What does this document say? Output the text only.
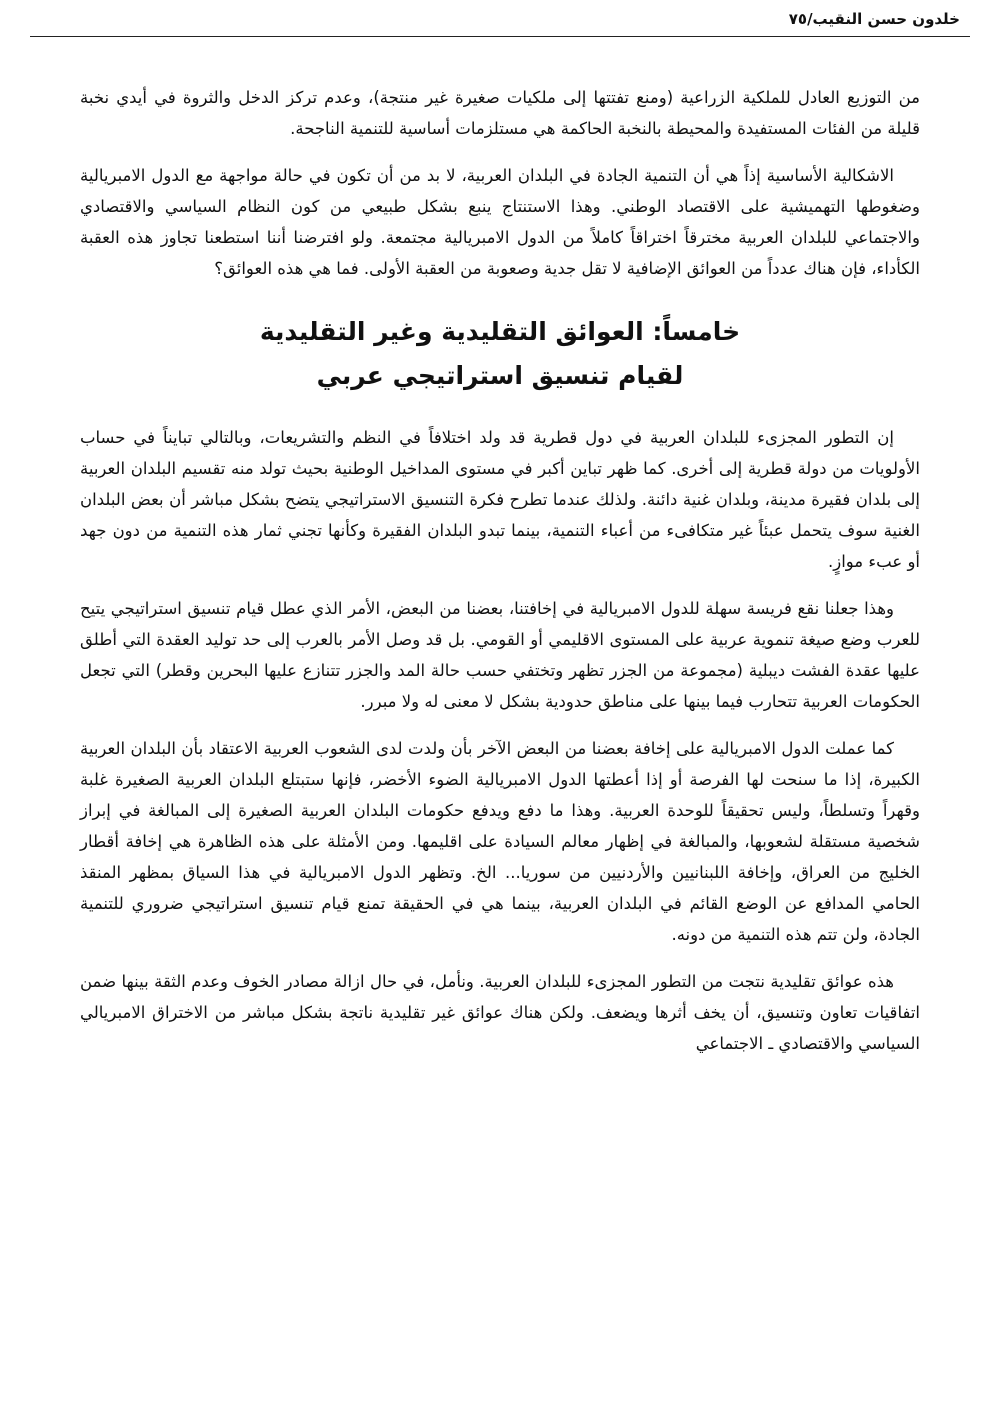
خلدون حسن النقيب/٧٥

من التوزيع العادل للملكية الزراعية (ومنع تفتتها إلى ملكيات صغيرة غير منتجة)، وعدم تركز الدخل والثروة في أيدي نخبة قليلة من الفئات المستفيدة والمحيطة بالنخبة الحاكمة هي مستلزمات أساسية للتنمية الناجحة.

الاشكالية الأساسية إذاً هي أن التنمية الجادة في البلدان العربية، لا بد من أن تكون في حالة مواجهة مع الدول الامبريالية وضغوطها التهميشية على الاقتصاد الوطني. وهذا الاستنتاج ينبع بشكل طبيعي من كون النظام السياسي والاقتصادي والاجتماعي للبلدان العربية مخترقاً اختراقاً كاملاً من الدول الامبريالية مجتمعة. ولو افترضنا أننا استطعنا تجاوز هذه العقبة الكأداء، فإن هناك عدداً من العوائق الإضافية لا تقل جدية وصعوبة من العقبة الأولى. فما هي هذه العوائق؟

خامساً: العوائق التقليدية وغير التقليدية
لقيام تنسيق استراتيجي عربي

إن التطور المجزىء للبلدان العربية في دول قطرية قد ولد اختلافاً في النظم والتشريعات، وبالتالي تبايناً في حساب الأولويات من دولة قطرية إلى أخرى. كما ظهر تباين أكبر في مستوى المداخيل الوطنية بحيث تولد منه تقسيم البلدان العربية إلى بلدان فقيرة مدينة، وبلدان غنية دائنة. ولذلك عندما تطرح فكرة التنسيق الاستراتيجي يتضح بشكل مباشر أن بعض البلدان الغنية سوف يتحمل عبئاً غير متكافىء من أعباء التنمية، بينما تبدو البلدان الفقيرة وكأنها تجني ثمار هذه التنمية من دون جهد أو عبء موازٍ.

وهذا جعلنا نقع فريسة سهلة للدول الامبريالية في إخافتنا، بعضنا من البعض، الأمر الذي عطل قيام تنسيق استراتيجي يتيح للعرب وضع صيغة تنموية عربية على المستوى الاقليمي أو القومي. بل قد وصل الأمر بالعرب إلى حد توليد العقدة التي أطلق عليها عقدة الفشت ديبلية (مجموعة من الجزر تظهر وتختفي حسب حالة المد والجزر تتنازع عليها البحرين وقطر) التي تجعل الحكومات العربية تتحارب فيما بينها على مناطق حدودية بشكل لا معنى له ولا مبرر.

كما عملت الدول الامبريالية على إخافة بعضنا من البعض الآخر بأن ولدت لدى الشعوب العربية الاعتقاد بأن البلدان العربية الكبيرة، إذا ما سنحت لها الفرصة أو إذا أعطتها الدول الامبريالية الضوء الأخضر، فإنها ستبتلع البلدان العربية الصغيرة غلبة وقهراً وتسلطاً، وليس تحقيقاً للوحدة العربية. وهذا ما دفع ويدفع حكومات البلدان العربية الصغيرة إلى المبالغة في إبراز شخصية مستقلة لشعوبها، والمبالغة في إظهار معالم السيادة على اقليمها. ومن الأمثلة على هذه الظاهرة هي إخافة أقطار الخليج من العراق، وإخافة اللبنانيين والأردنيين من سوريا... الخ. وتظهر الدول الامبريالية في هذا السياق بمظهر المنقذ الحامي المدافع عن الوضع القائم في البلدان العربية، بينما هي في الحقيقة تمنع قيام تنسيق استراتيجي ضروري للتنمية الجادة، ولن تتم هذه التنمية من دونه.

هذه عوائق تقليدية نتجت من التطور المجزىء للبلدان العربية. ونأمل، في حال ازالة مصادر الخوف وعدم الثقة بينها ضمن اتفاقيات تعاون وتنسيق، أن يخف أثرها ويضعف. ولكن هناك عوائق غير تقليدية ناتجة بشكل مباشر من الاختراق الامبريالي السياسي والاقتصادي ـ الاجتماعي
